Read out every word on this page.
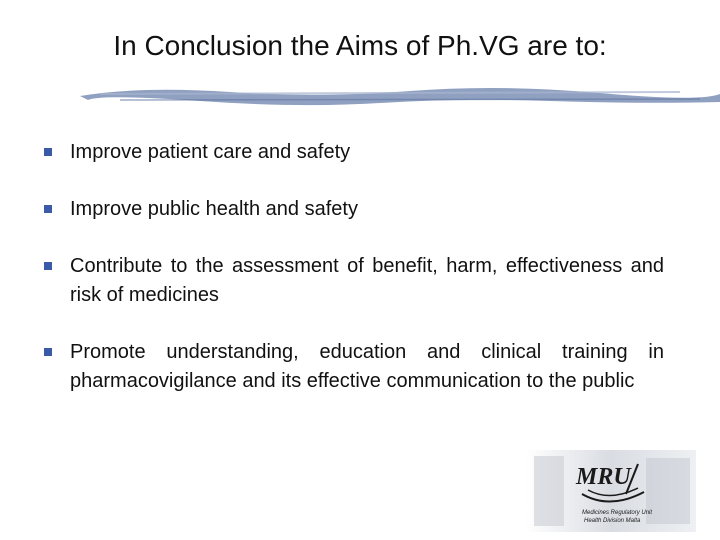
In Conclusion the Aims of Ph.VG are to:
Improve patient care and safety
Improve public health and safety
Contribute to the assessment of benefit, harm, effectiveness and risk of medicines
Promote understanding, education and clinical training in pharmacovigilance and its effective communication to the public
MRU
Medicines Regulatory Unit
Health Division Malta
